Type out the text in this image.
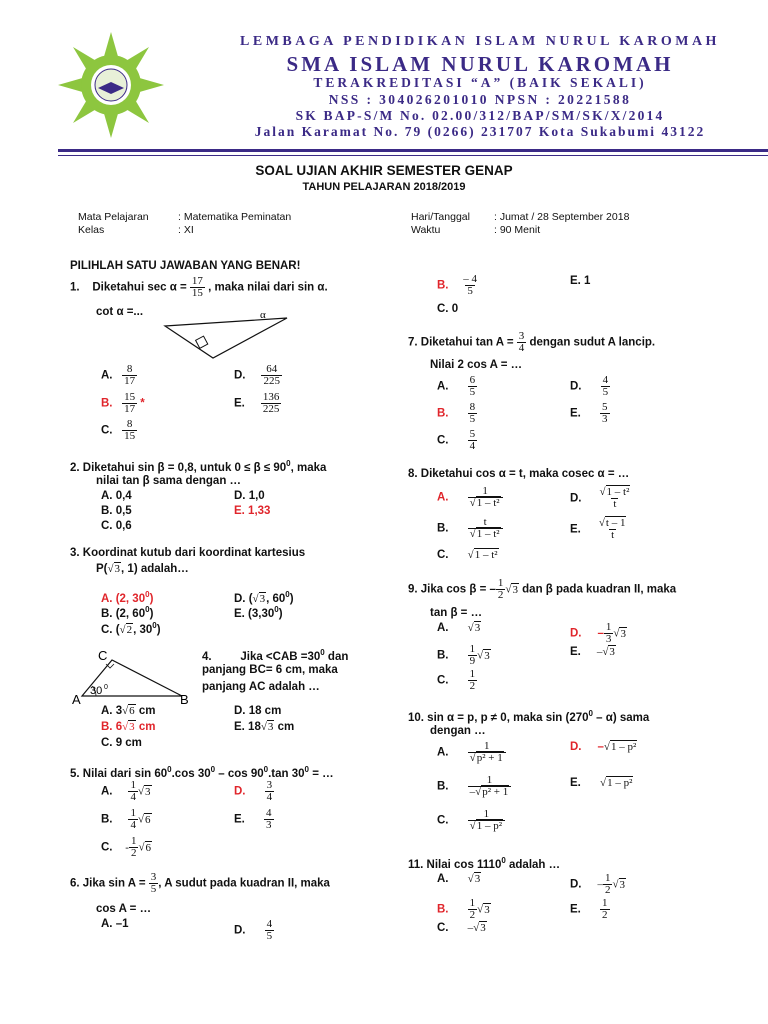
LEMBAGA PENDIDIKAN ISLAM NURUL KAROMAH
SMA ISLAM NURUL KAROMAH
TERAKREDITASI “A” (BAIK SEKALI)
NSS : 304026201010 NPSN : 20221588
SK BAP-S/M No. 02.00/312/BAP/SM/SK/X/2014
Jalan Karamat No. 79 (0266) 231707 Kota Sukabumi 43122
SOAL UJIAN AKHIR SEMESTER GENAP
TAHUN PELAJARAN 2018/2019
Mata Pelajaran	: Matematika Peminatan
Kelas	: XI
Hari/Tanggal : Jumat / 28 September 2018
Waktu	: 90 Menit
PILIHLAH SATU JAWABAN YANG BENAR!
1. Diketahui $\sec \alpha = \frac{17}{15}$ , maka nilai dari sin α.
cot α =...	α
A. $\frac{8}{17}$
B. $\frac{15}{17}$ *
C. $\frac{8}{15}$
D. $\frac{64}{225}$
E. $\frac{136}{225}$
2. Diketahui sin β = 0,8, untuk $0 \le \beta \le 90^0$, maka
nilai tan β sama dengan …
A. 0,4
B. 0,5
C. 0,6
D. 1,0
E. 1,33
3. Koordinat kutub dari koordinat kartesius
P(√3, 1) adalah…
A. (2, $30^0$)
B. (2, $60^0$)
C. (√2, $30^0$)
D. (√3, $60^0$)
E. (3,30$^0$)
C
A	B
30 0
4.	Jika $<CAB =30^0$ dan
panjang BC= 6 cm, maka
panjang AC adalah …
A. 3√6 cm
B. 6√3 cm
C. 9 cm
D. 18 cm
E. 18√3 cm
5. Nilai dari $\sin 60^0.\cos$ $30^0$ – $\cos 90^0.\tan$ $30^0$ = …
A. $\frac{1}{4} √3$
B. $\frac{1}{4} √6$
C. - $\frac{1}{2} √6$
D. $\frac{3}{4}$
E. $\frac{4}{3}$
6. Jika $\sin A = \frac{3}{5}$ , A sudut pada kuadran II, maka
cos A = …
A. –1
D. $\frac{4}{5}$
B. $\frac{- 4}{5}$
C. 0
E. 1
7. Diketahui $\tan A = \frac{3}{4}$ dengan sudut A lancip.
Nilai 2 cos A = …
A. $\frac{6}{5}$
B. $\frac{8}{5}$
C. $\frac{5}{4}$
D. $\frac{4}{5}$
E. $\frac{5}{3}$
8. Diketahui cos α = t, maka cosec α = …
A. $\frac{1}{\text{√1 – t²}}$
B. $\frac{t}{\text{√1 – t²}}$
C. √1 – t²
D. $\frac{\text{√1 – t²}}{t}$
E. $\frac{√t - 1}{t}$
9. Jika cos β = – $\frac{1}{2} √3$ dan β pada kuadran II, maka
tan β = …
A. √3
B. $\frac{1}{9} √3$
C. $\frac{1}{2}$
D. – $\frac{1}{3} √3$
E. –√3
10. sin α = p, p ≠ 0, maka $\sin (270^0 - \alpha)$ sama
dengan …
A. $\frac{1}{\text{√p² + 1}}$
B. $\frac{1}{\text{–√p² + 1}}$
C. $\frac{1}{\text{√1 – p²}}$
D. –√1 – p²
E. √1 – p²
11. Nilai cos 1110$^0$ adalah …
A. √3
B. $\frac{1}{2} √3$
C. –√3
D. – $\frac{1}{2} √3$
E. $\frac{1}{2}$
